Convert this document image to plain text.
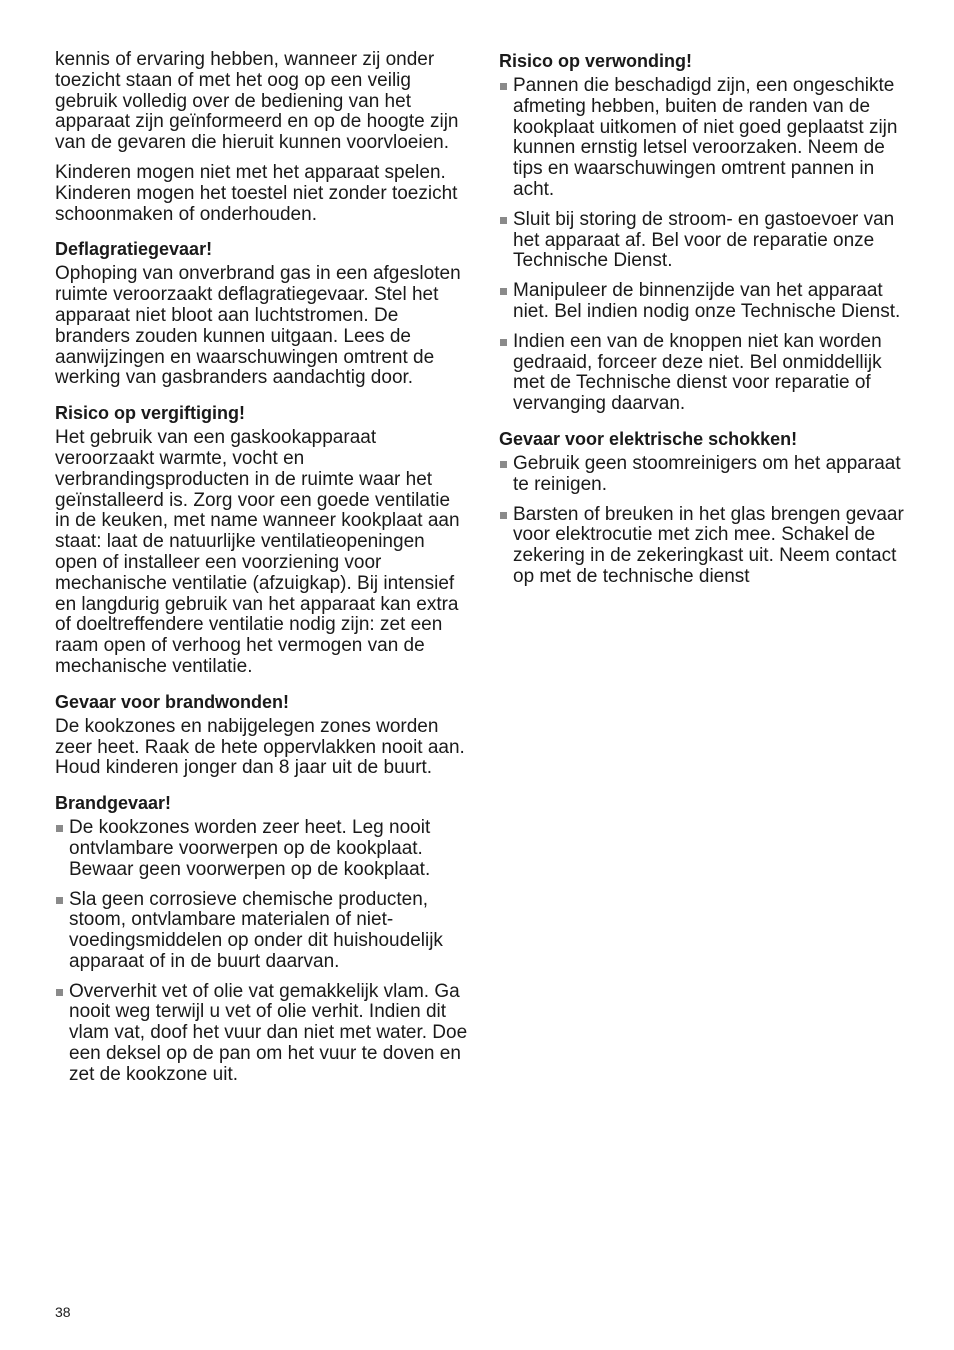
kennis of ervaring hebben, wanneer zij onder toezicht staan of met het oog op een veilig gebruik volledig over de bediening van het apparaat zijn geïnformeerd en op de hoogte zijn van de gevaren die hieruit kunnen voorvloeien.

Kinderen mogen niet met het apparaat spelen. Kinderen mogen het toestel niet zonder toezicht schoonmaken of onderhouden.

Deflagratiegevaar!

Ophoping van onverbrand gas in een afgesloten ruimte veroorzaakt deflagratiegevaar. Stel het apparaat niet bloot aan luchtstromen. De branders zouden kunnen uitgaan. Lees de aanwijzingen en waarschuwingen omtrent de werking van gasbranders aandachtig door.

Risico op vergiftiging!

Het gebruik van een gaskookapparaat veroorzaakt warmte, vocht en verbrandingsproducten in de ruimte waar het geïnstalleerd is. Zorg voor een goede ventilatie in de keuken, met name wanneer kookplaat aan staat: laat de natuurlijke ventilatieopeningen open of installeer een voorziening voor mechanische ventilatie (afzuigkap). Bij intensief en langdurig gebruik van het apparaat kan extra of doeltreffendere ventilatie nodig zijn: zet een raam open of verhoog het vermogen van de mechanische ventilatie.

Gevaar voor brandwonden!

De kookzones en nabijgelegen zones worden zeer heet. Raak de hete oppervlakken nooit aan. Houd kinderen jonger dan 8 jaar uit de buurt.

Brandgevaar!
De kookzones worden zeer heet. Leg nooit ontvlambare voorwerpen op de kookplaat. Bewaar geen voorwerpen op de kookplaat.
Sla geen corrosieve chemische producten, stoom, ontvlambare materialen of niet-voedingsmiddelen op onder dit huishoudelijk apparaat of in de buurt daarvan.
Oververhit vet of olie vat gemakkelijk vlam. Ga nooit weg terwijl u vet of olie verhit. Indien dit vlam vat, doof het vuur dan niet met water. Doe een deksel op de pan om het vuur te doven en zet de kookzone uit.
Risico op verwonding!
Pannen die beschadigd zijn, een ongeschikte afmeting hebben, buiten de randen van de kookplaat uitkomen of niet goed geplaatst zijn kunnen ernstig letsel veroorzaken. Neem de tips en waarschuwingen omtrent pannen in acht.
Sluit bij storing de stroom- en gastoevoer van het apparaat af. Bel voor de reparatie onze Technische Dienst.
Manipuleer de binnenzijde van het apparaat niet. Bel indien nodig onze Technische Dienst.
Indien een van de knoppen niet kan worden gedraaid, forceer deze niet. Bel onmiddellijk met de Technische dienst voor reparatie of vervanging daarvan.
Gevaar voor elektrische schokken!
Gebruik geen stoomreinigers om het apparaat te reinigen.
Barsten of breuken in het glas brengen gevaar voor elektrocutie met zich mee. Schakel de zekering in de zekeringkast uit. Neem contact op met de technische dienst
38
